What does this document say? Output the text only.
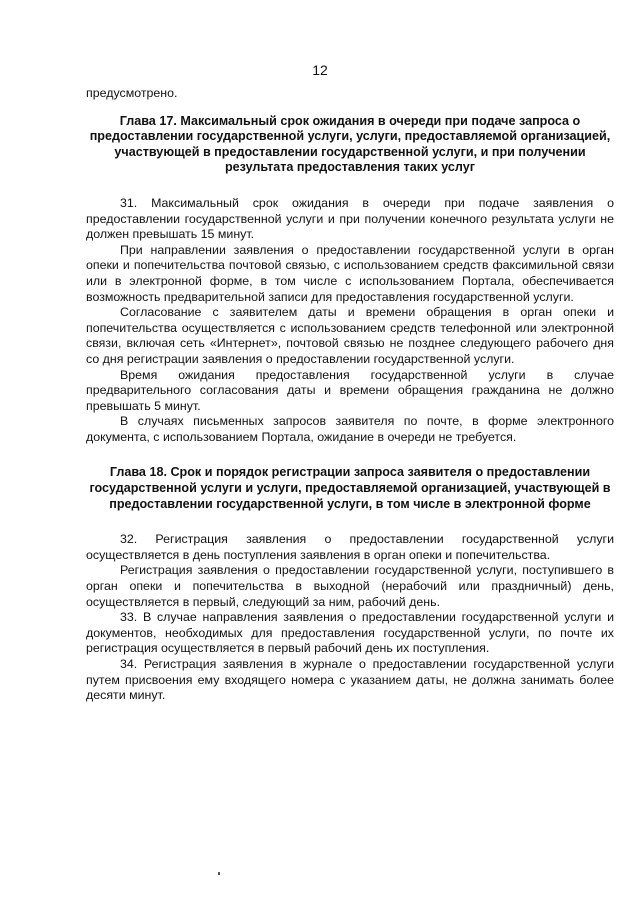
12

предусмотрено.

Глава 17. Максимальный срок ожидания в очереди при подаче запроса о предоставлении государственной услуги, услуги, предоставляемой организацией, участвующей в предоставлении государственной услуги, и при получении результата предоставления таких услуг

31. Максимальный срок ожидания в очереди при подаче заявления о предоставлении государственной услуги и при получении конечного результата услуги не должен превышать 15 минут.

При направлении заявления о предоставлении государственной услуги в орган опеки и попечительства почтовой связью, с использованием средств факсимильной связи или в электронной форме, в том числе с использованием Портала, обеспечивается возможность предварительной записи для предоставления государственной услуги.

Согласование с заявителем даты и времени обращения в орган опеки и попечительства осуществляется с использованием средств телефонной или электронной связи, включая сеть «Интернет», почтовой связью не позднее следующего рабочего дня со дня регистрации заявления о предоставлении государственной услуги.

Время ожидания предоставления государственной услуги в случае предварительного согласования даты и времени обращения гражданина не должно превышать 5 минут.

В случаях письменных запросов заявителя по почте, в форме электронного документа, с использованием Портала, ожидание в очереди не требуется.

Глава 18. Срок и порядок регистрации запроса заявителя о предоставлении государственной услуги и услуги, предоставляемой организацией, участвующей в предоставлении государственной услуги, в том числе в электронной форме

32. Регистрация заявления о предоставлении государственной услуги осуществляется в день поступления заявления в орган опеки и попечительства.

Регистрация заявления о предоставлении государственной услуги, поступившего в орган опеки и попечительства в выходной (нерабочий или праздничный) день, осуществляется в первый, следующий за ним, рабочий день.

33. В случае направления заявления о предоставлении государственной услуги и документов, необходимых для предоставления государственной услуги, по почте их регистрация осуществляется в первый рабочий день их поступления.

34. Регистрация заявления в журнале о предоставлении государственной услуги путем присвоения ему входящего номера с указанием даты, не должна занимать более десяти минут.
